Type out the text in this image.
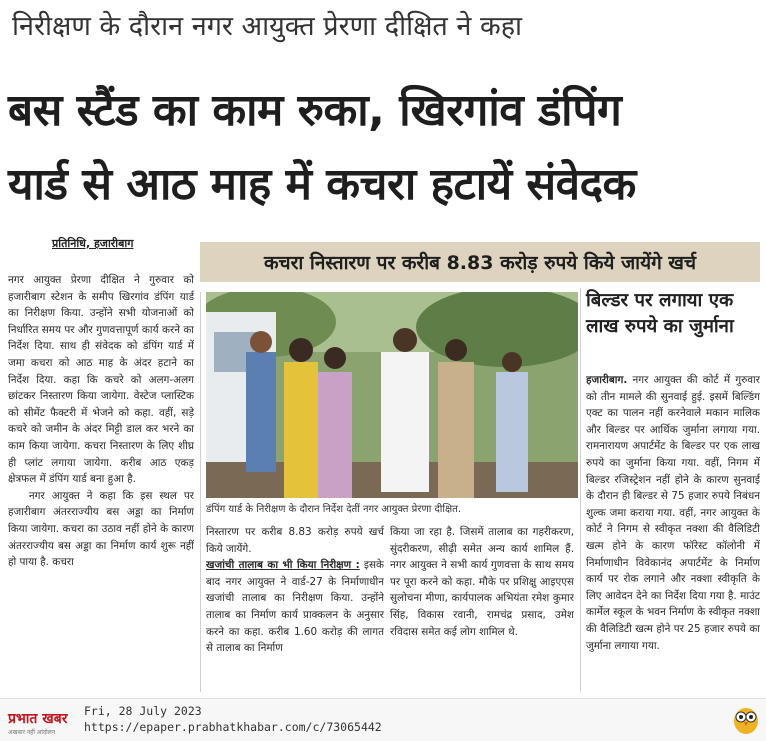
निरीक्षण के दौरान नगर आयुक्त प्रेरणा दीक्षित ने कहा
बस स्टैंड का काम रुका, खिरगांव डंपिंग
यार्ड से आठ माह में कचरा हटायें संवेदक
प्रतिनिधि, हजारीबाग
कचरा निस्तारण पर करीब 8.83 करोड़ रुपये किये जायेंगे खर्च
नगर आयुक्त प्रेरणा दीक्षित ने गुरुवार को हजारीबाग स्टेशन के समीप खिरगांव डंपिंग यार्ड का निरीक्षण किया. उन्होंने सभी योजनाओं को निर्धारित समय पर और गुणवत्तापूर्ण कार्य करने का निर्देश दिया. साथ ही संवेदक को डंपिंग यार्ड में जमा कचरा को आठ माह के अंदर हटाने का निर्देश दिया. कहा कि कचरे को अलग-अलग छांटकर निस्तारण किया जायेगा. वेस्टेज प्लास्टिक को सीमेंट फैक्टरी में भेजने को कहा. वहीं, सड़े कचरे को जमीन के अंदर मिट्टी डाल कर भरने का काम किया जायेगा. कचरा निस्तारण के लिए शीघ्र ही प्लांट लगाया जायेगा. करीब आठ एकड़ क्षेत्रफल में डंपिंग यार्ड बना हुआ है.
नगर आयुक्त ने कहा कि इस स्थल पर हजारीबाग अंतरराज्यीय बस अड्डा का निर्माण किया जायेगा. कचरा का उठाव नहीं होने के कारण अंतरराज्यीय बस अड्डा का निर्माण कार्य शुरू नहीं हो पाया है. कचरा
डंपिंग यार्ड के निरीक्षण के दौरान निर्देश देतीं नगर आयुक्त प्रेरणा दीक्षित.
निस्तारण पर करीब 8.83 करोड़ रुपये खर्च किये जायेंगे.
खजांची तालाब का भी किया निरीक्षण : इसके बाद नगर आयुक्त ने वार्ड-27 के निर्माणाधीन खजांची तालाब का निरीक्षण किया. उन्होंने तालाब का निर्माण कार्य प्राक्कलन के अनुसार करने का कहा. करीब 1.60 करोड़ की लागत से तालाब का निर्माण
किया जा रहा है. जिसमें तालाब का गहरीकरण, सुंदरीकरण, सीढ़ी समेत अन्य कार्य शामिल हैं. नगर आयुक्त ने सभी कार्य गुणवत्ता के साथ समय पर पूरा करने को कहा. मौके पर प्रशिक्षु आइएएस सुलोचना मीणा, कार्यपालक अभियंता रमेश कुमार सिंह, विकास रवानी, रामचंद्र प्रसाद, उमेश रविदास समेत कई लोग शामिल थे.
बिल्डर पर लगाया एक लाख रुपये का जुर्माना
हजारीबाग. नगर आयुक्त की कोर्ट में गुरुवार को तीन मामले की सुनवाई हुई. इसमें बिल्डिंग एक्ट का पालन नहीं करनेवाले मकान मालिक और बिल्डर पर आर्थिक जुर्माना लगाया गया. रामनारायण अपार्टमेंट के बिल्डर पर एक लाख रुपये का जुर्माना किया गया. वहीं, निगम में बिल्डर रजिस्ट्रेशन नहीं होने के कारण सुनवाई के दौरान ही बिल्डर से 75 हजार रुपये निबंधन शुल्क जमा कराया गया. वहीं, नगर आयुक्त के कोर्ट ने निगम से स्वीकृत नक्शा की वैलिडिटी खत्म होने के कारण फॉरेस्ट कॉलोनी में निर्माणाधीन विवेकानंद अपार्टमेंट के निर्माण कार्य पर रोक लगाने और नक्शा स्वीकृति के लिए आवेदन देने का निर्देश दिया गया है. माउंट कार्मेल स्कूल के भवन निर्माण के स्वीकृत नक्शा की वैलिडिटी खत्म होने पर 25 हजार रुपये का जुर्माना लगाया गया.
प्रभात खबर
अखबार नहीं आंदोलन
Fri, 28 July 2023
https://epaper.prabhatkhabar.com/c/73065442
